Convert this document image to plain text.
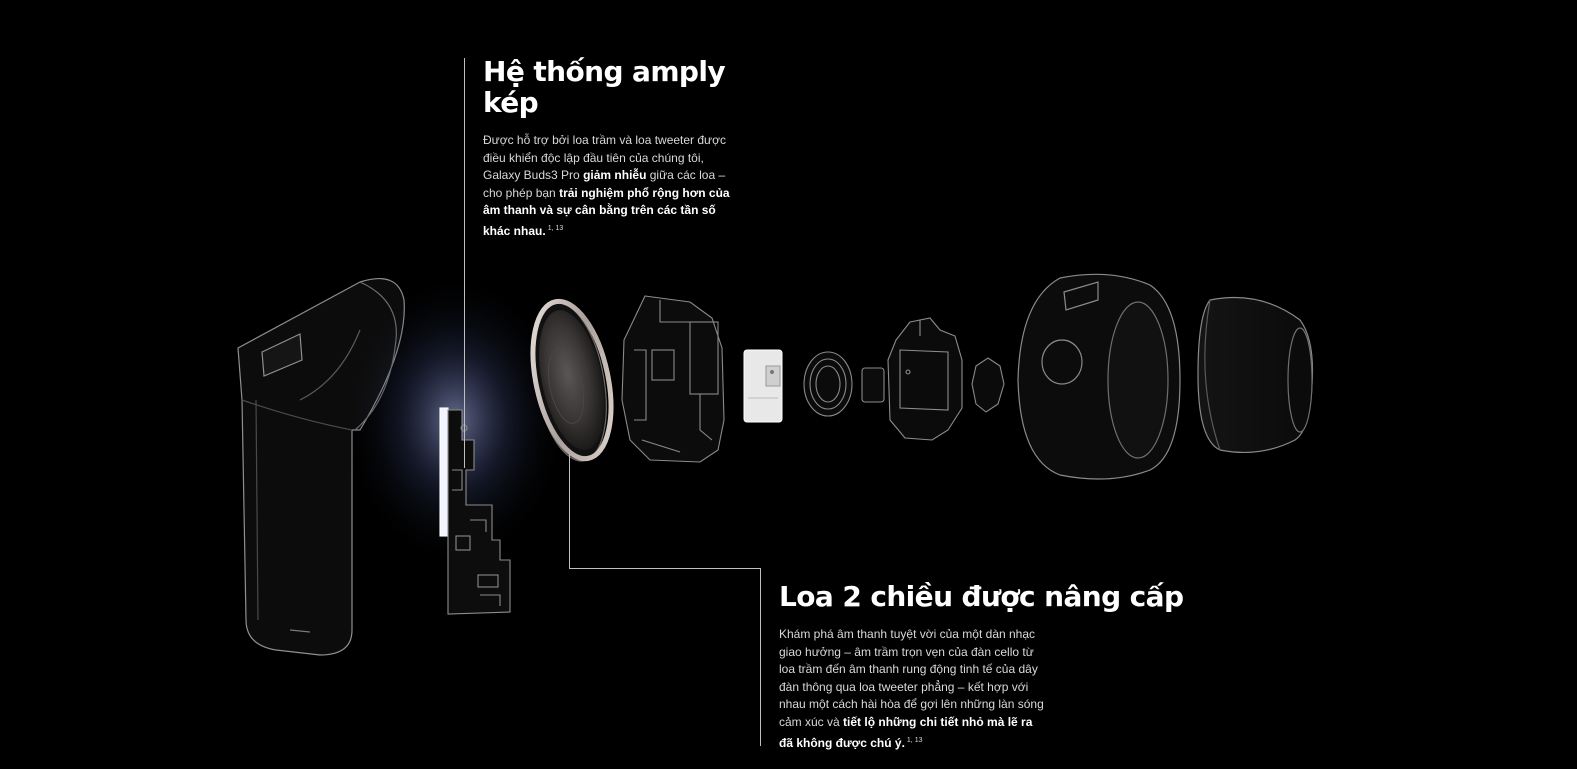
Hệ thống amply kép

Được hỗ trợ bởi loa trầm và loa tweeter được điều khiển độc lập đầu tiên của chúng tôi, Galaxy Buds3 Pro giảm nhiễu giữa các loa – cho phép bạn trải nghiệm phổ rộng hơn của âm thanh và sự cân bằng trên các tần số khác nhau. $^{1, 13}$

Loa 2 chiều được nâng cấp

Khám phá âm thanh tuyệt vời của một dàn nhạc giao hưởng – âm trầm trọn vẹn của đàn cello từ loa trầm đến âm thanh rung động tinh tế của dây đàn thông qua loa tweeter phẳng – kết hợp với nhau một cách hài hòa để gợi lên những làn sóng cảm xúc và tiết lộ những chi tiết nhỏ mà lẽ ra đã không được chú ý. $^{1, 13}$
